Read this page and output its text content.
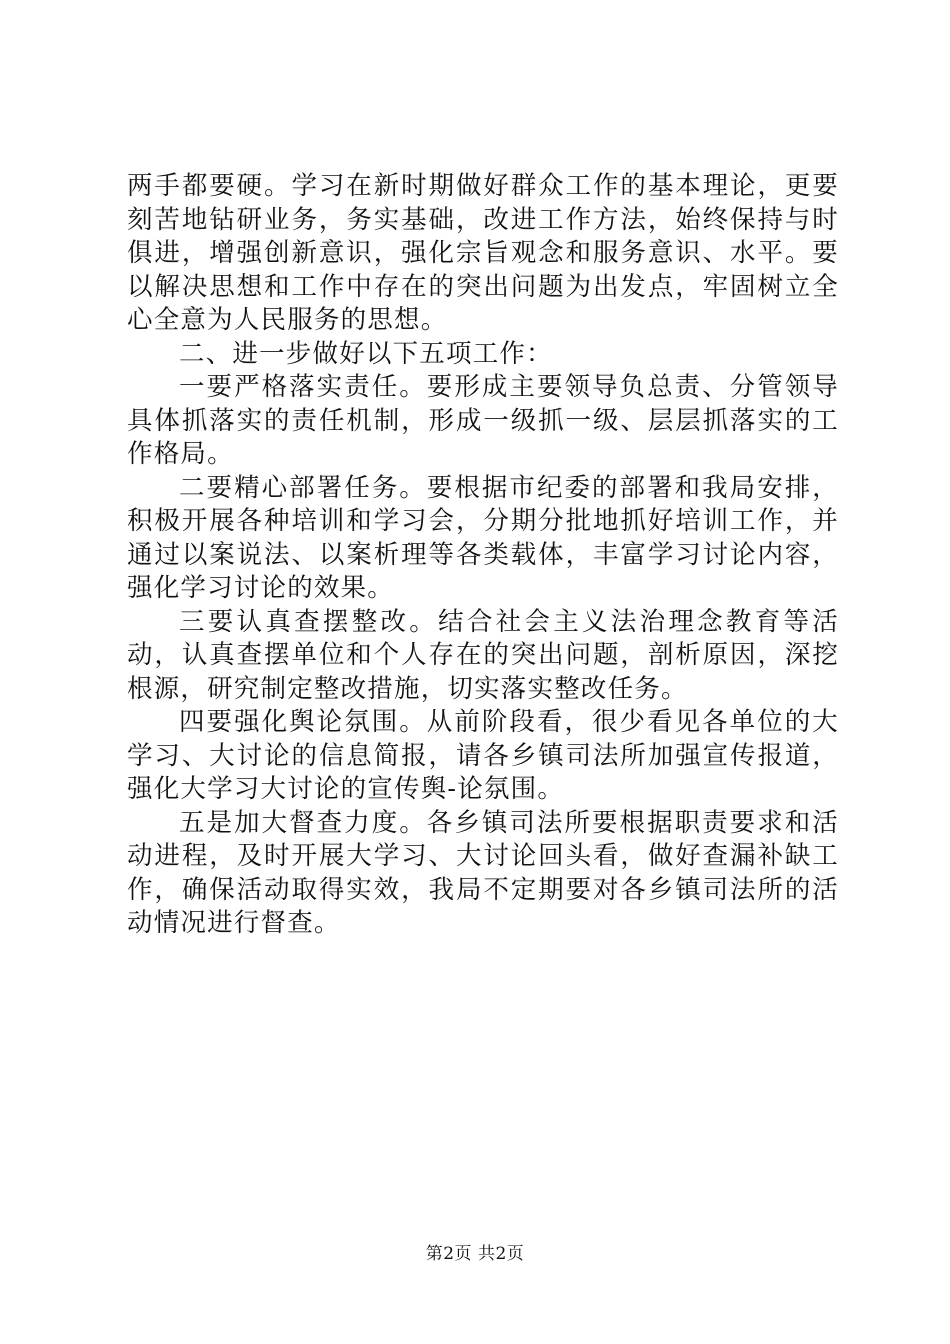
两手都要硬。学习在新时期做好群众工作的基本理论，更要刻苦地钻研业务，务实基础，改进工作方法，始终保持与时俱进，增强创新意识，强化宗旨观念和服务意识、水平。要以解决思想和工作中存在的突出问题为出发点，牢固树立全心全意为人民服务的思想。

二、进一步做好以下五项工作：

一要严格落实责任。要形成主要领导负总责、分管领导具体抓落实的责任机制，形成一级抓一级、层层抓落实的工作格局。

二要精心部署任务。要根据市纪委的部署和我局安排，积极开展各种培训和学习会，分期分批地抓好培训工作，并通过以案说法、以案析理等各类载体，丰富学习讨论内容，强化学习讨论的效果。

三要认真查摆整改。结合社会主义法治理念教育等活动，认真查摆单位和个人存在的突出问题，剖析原因，深挖根源，研究制定整改措施，切实落实整改任务。

四要强化舆论氛围。从前阶段看，很少看见各单位的大学习、大讨论的信息简报，请各乡镇司法所加强宣传报道，强化大学习大讨论的宣传舆-论氛围。

五是加大督查力度。各乡镇司法所要根据职责要求和活动进程，及时开展大学习、大讨论回头看，做好查漏补缺工作，确保活动取得实效，我局不定期要对各乡镇司法所的活动情况进行督查。

第2页 共2页
